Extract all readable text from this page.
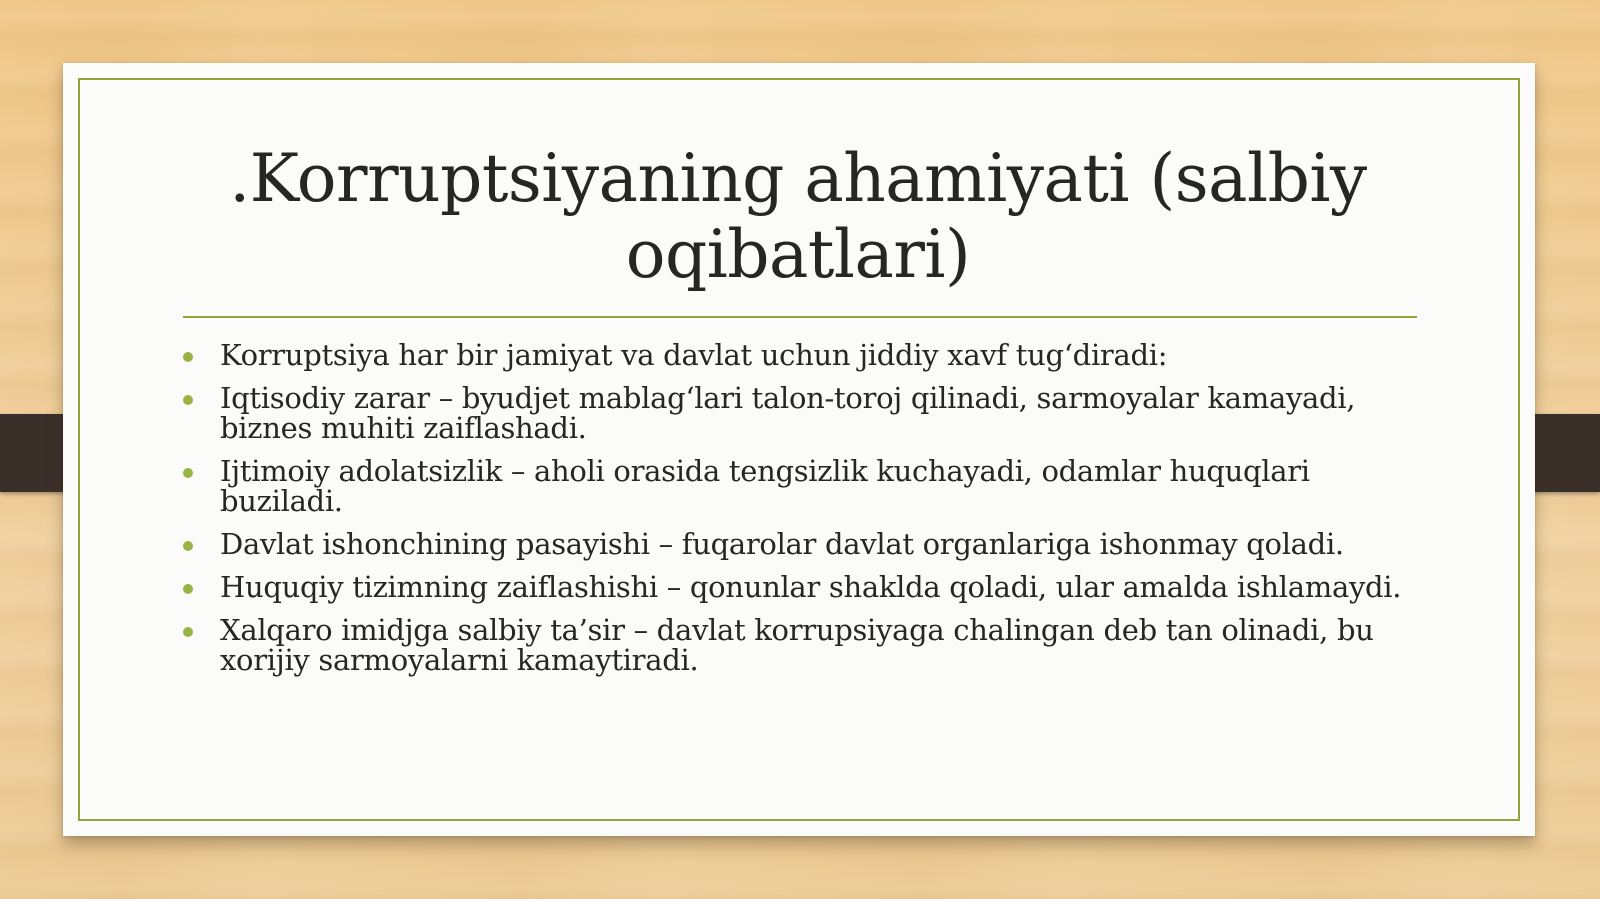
.Korruptsiyaning ahamiyati (salbiy oqibatlari)
Korruptsiya har bir jamiyat va davlat uchun jiddiy xavf tug‘diradi:
Iqtisodiy zarar – byudjet mablag‘lari talon-toroj qilinadi, sarmoyalar kamayadi, biznes muhiti zaiflashadi.
Ijtimoiy adolatsizlik – aholi orasida tengsizlik kuchayadi, odamlar huquqlari buziladi.
Davlat ishonchining pasayishi – fuqarolar davlat organlariga ishonmay qoladi.
Huquqiy tizimning zaiflashishi – qonunlar shaklda qoladi, ular amalda ishlamaydi.
Xalqaro imidjga salbiy ta’sir – davlat korrupsiyaga chalingan deb tan olinadi, bu xorijiy sarmoyalarni kamaytiradi.
